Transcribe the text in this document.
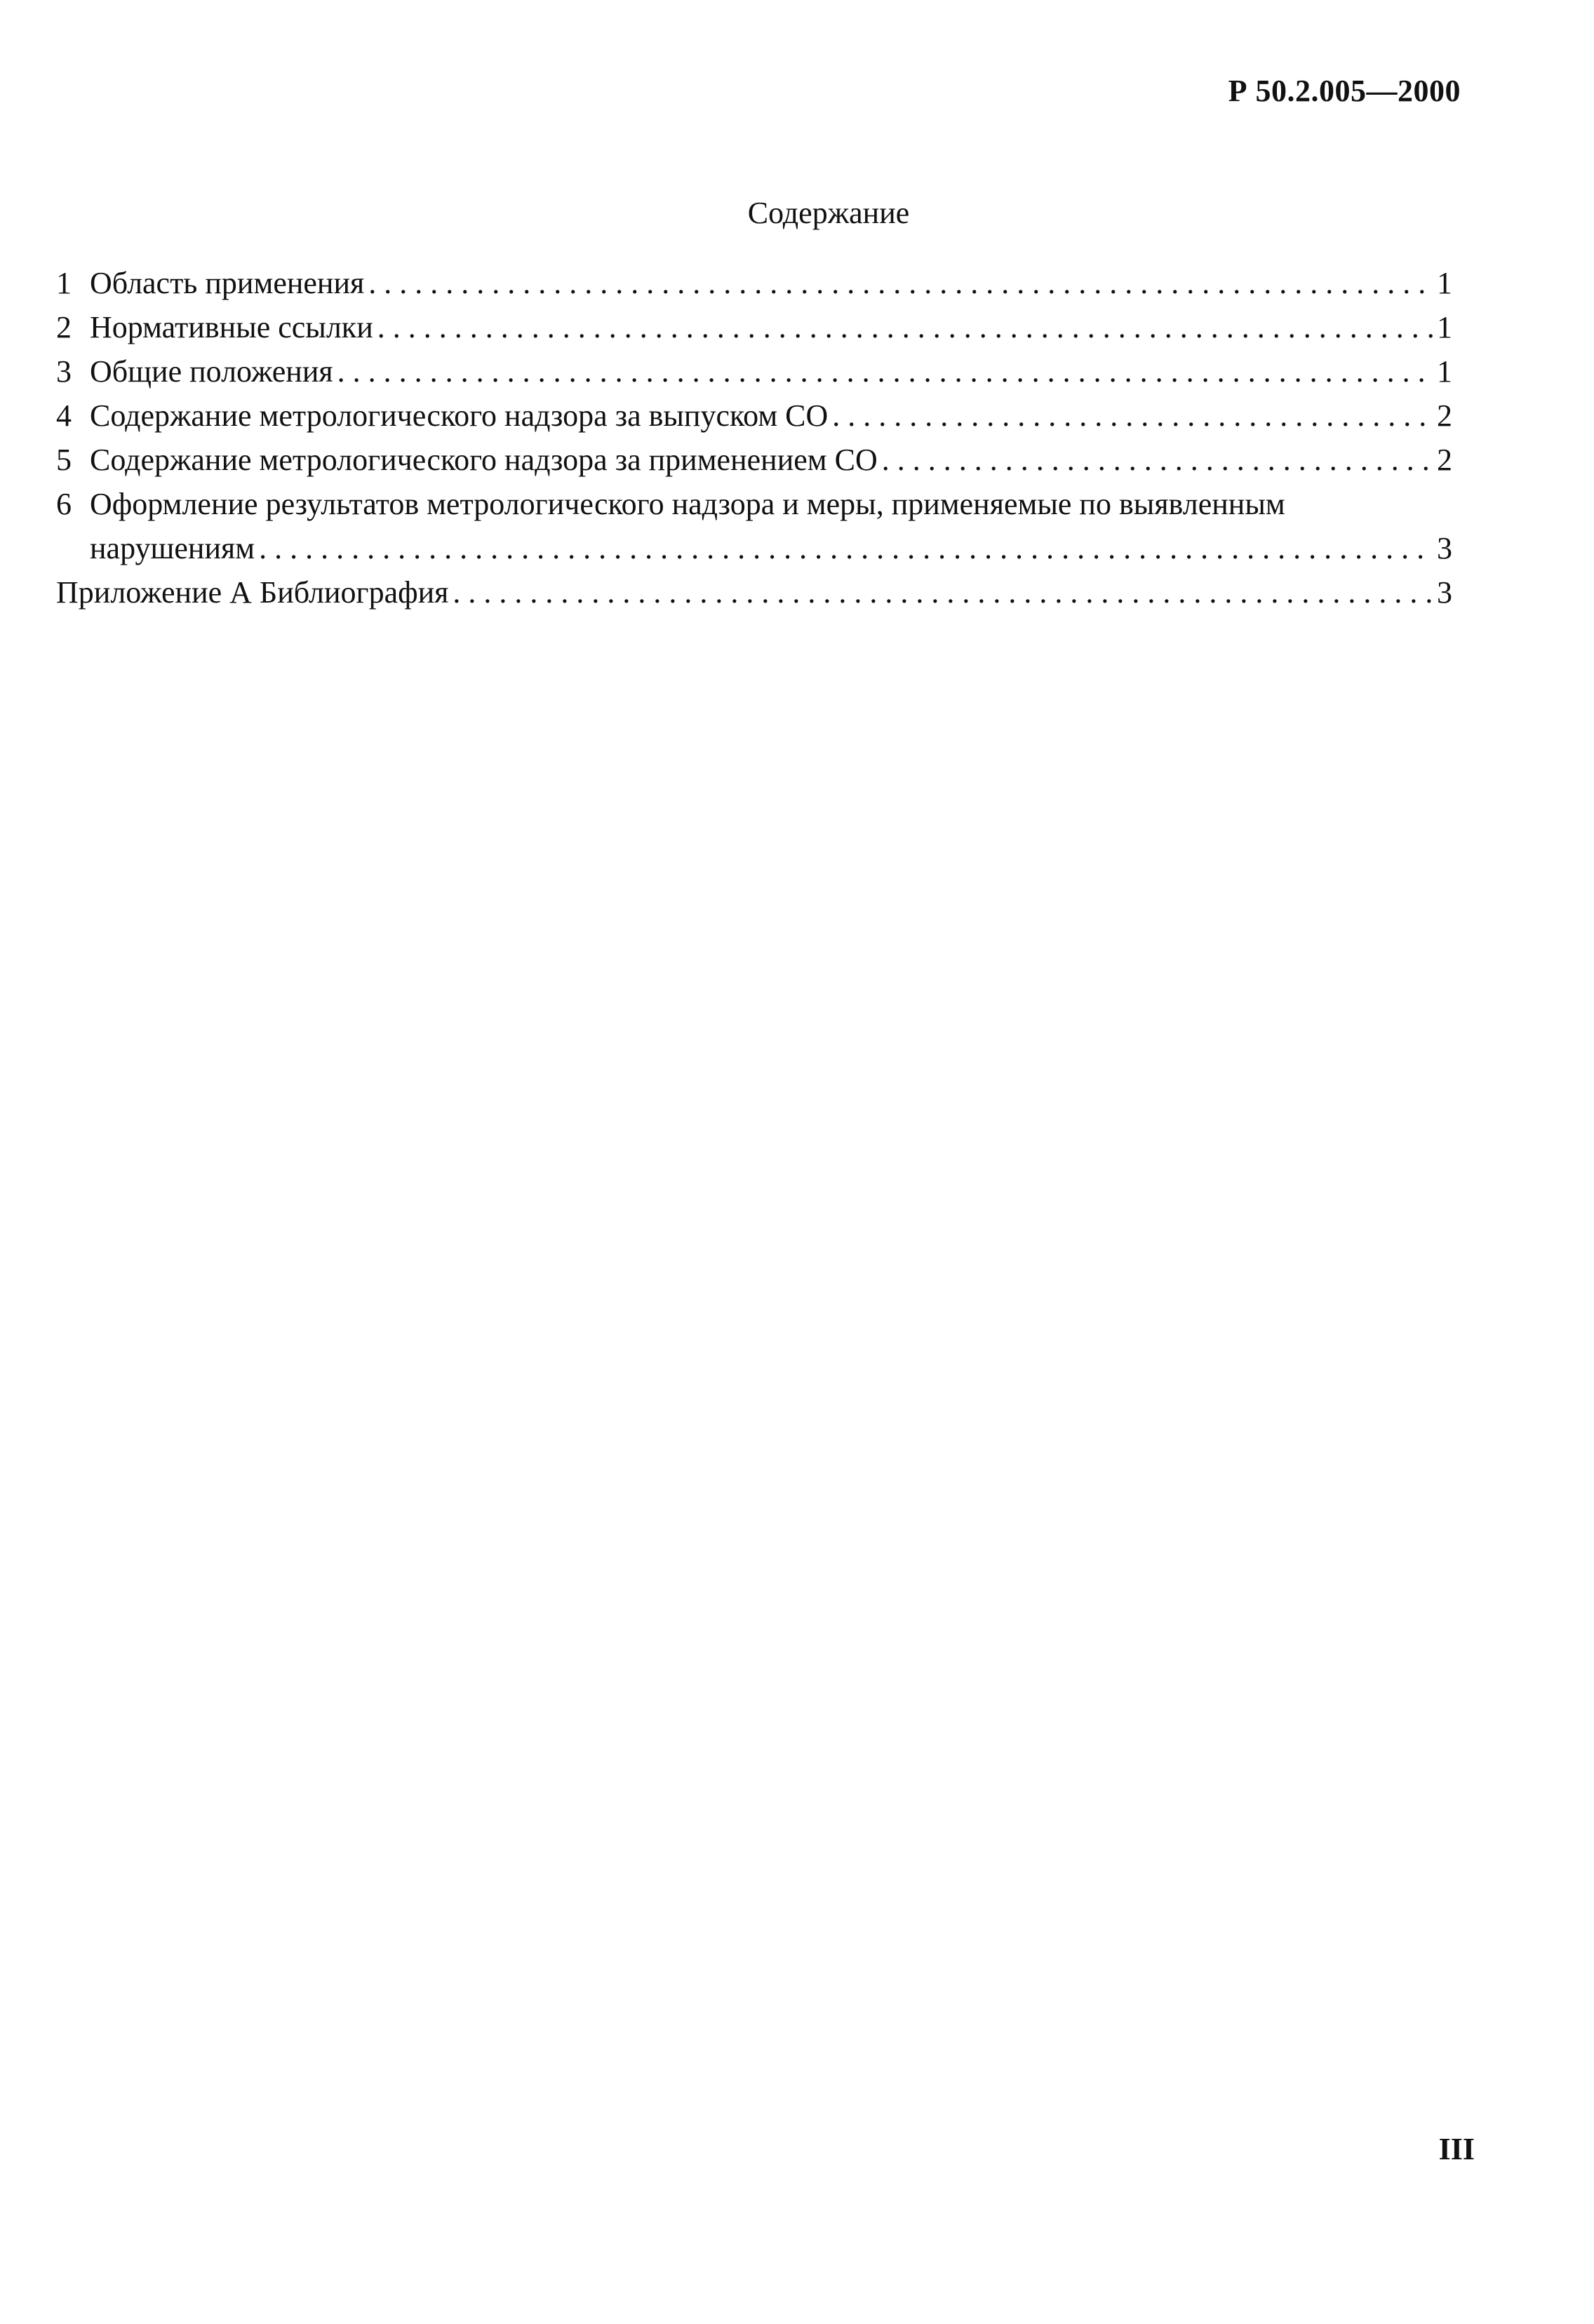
Р 50.2.005—2000
Содержание
1 Область применения . . .	1
2 Нормативные ссылки . . .	1
3 Общие положения . . .	1
4 Содержание метрологического надзора за выпуском СО . . .	2
5 Содержание метрологического надзора за применением СО . . .	2
6 Оформление результатов метрологического надзора и меры, применяемые по выявленным
нарушениям . . .	3
Приложение А Библиография . . .	3
III
